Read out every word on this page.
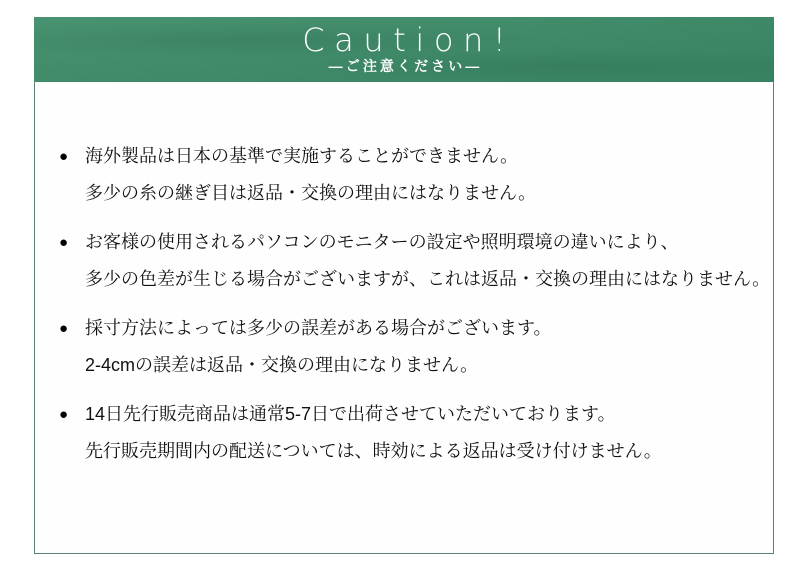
Caution!
—ご注意ください—
● 海外製品は日本の基準で実施することができません。
多少の糸の継ぎ目は返品・交換の理由にはなりません。
● お客様の使用されるパソコンのモニターの設定や照明環境の違いにより、
多少の色差が生じる場合がございますが、これは返品・交換の理由にはなりません。
● 採寸方法によっては多少の誤差がある場合がございます。
2-4cmの誤差は返品・交換の理由になりません。
● 14日先行販売商品は通常5-7日で出荷させていただいております。
先行販売期間内の配送については、時効による返品は受け付けません。
